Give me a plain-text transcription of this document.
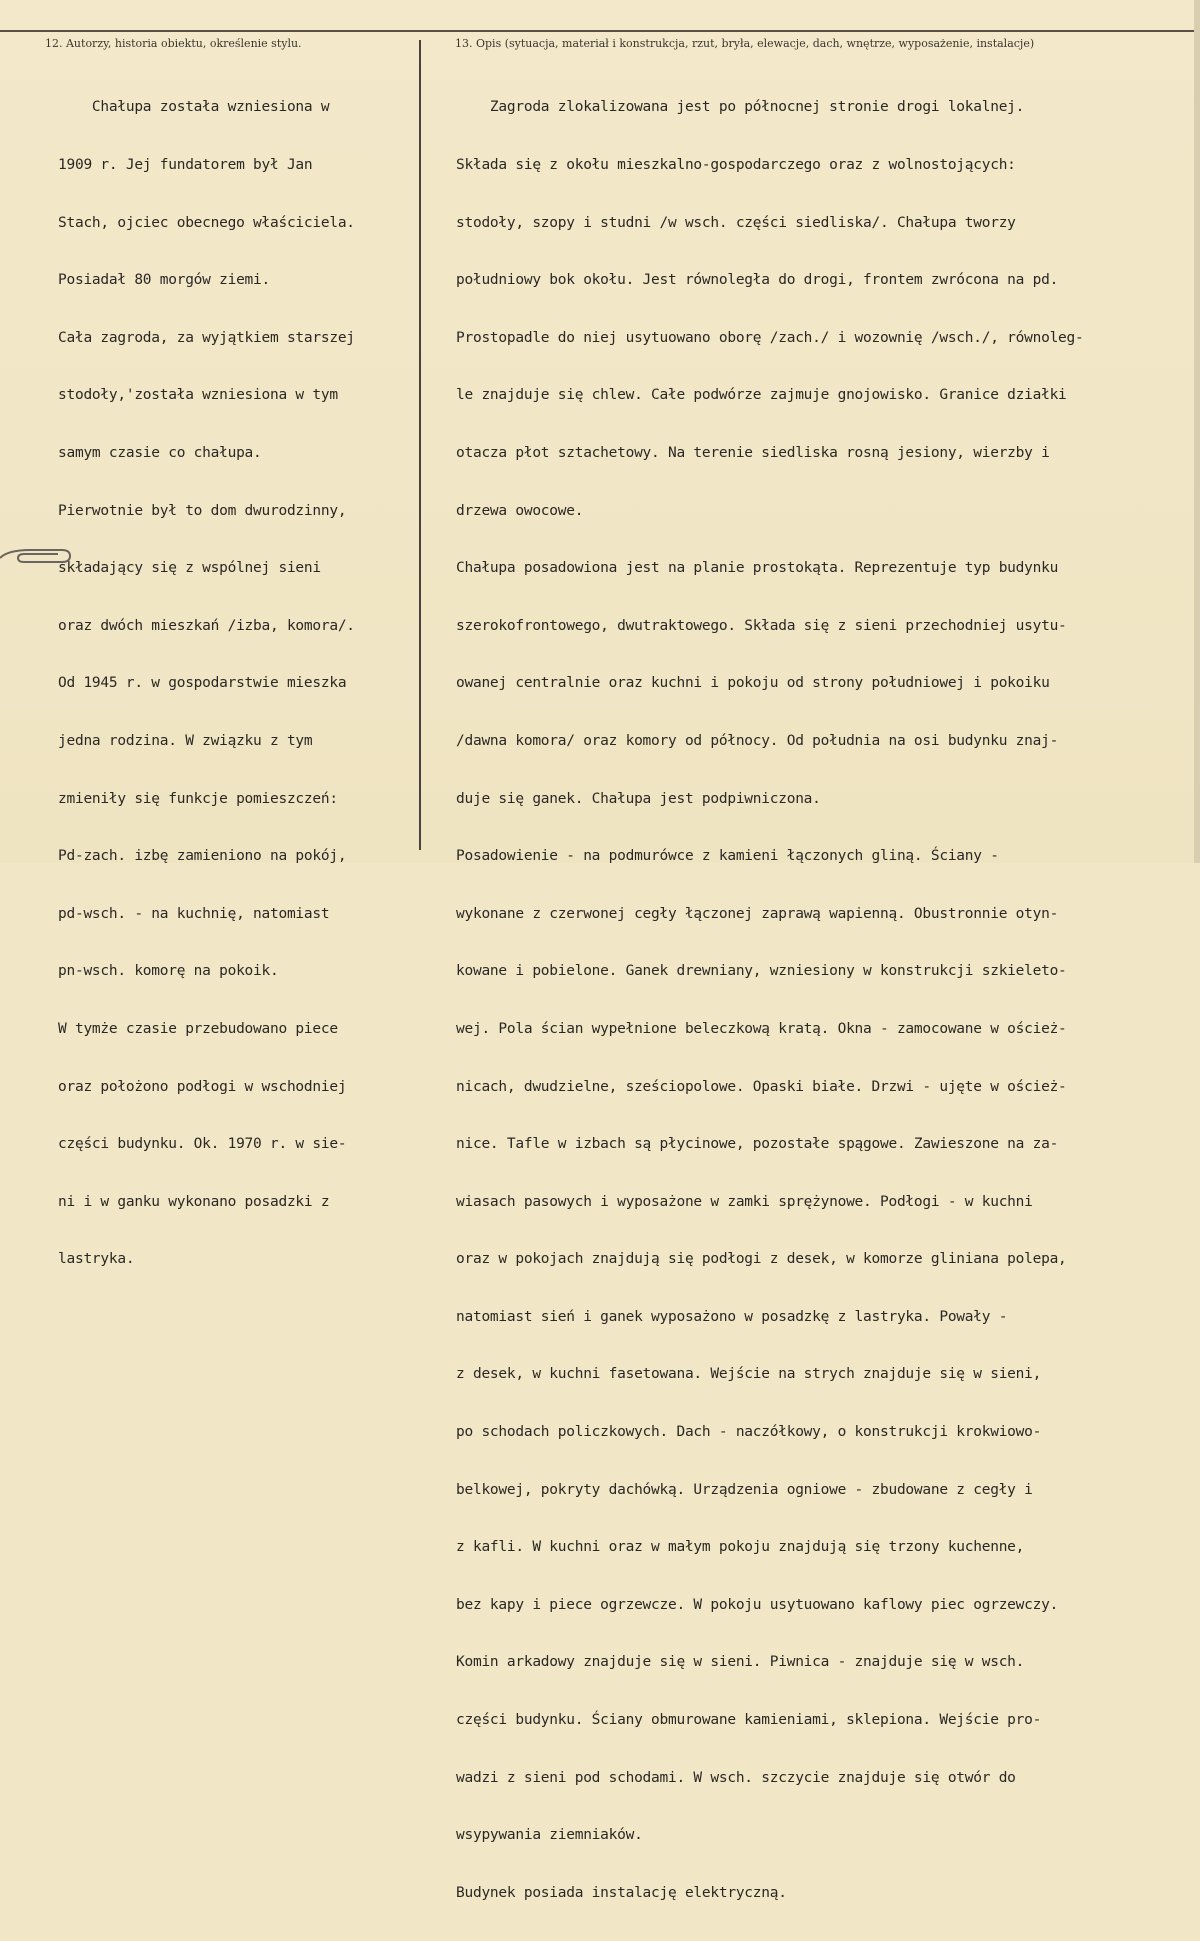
12. Autorzy, historia obiektu, określenie stylu.	13. Opis (sytuacja, materiał i konstrukcja, rzut, bryła, elewacje, dach, wnętrze, wyposażenie, instalacje)

Chałupa została wzniesiona w

1909 r. Jej fundatorem był Jan

Stach, ojciec obecnego właściciela.

Posiadał 80 morgów ziemi.

Cała zagroda, za wyjątkiem starszej

stodoły,'została wzniesiona w tym

samym czasie co chałupa.

Pierwotnie był to dom dwurodzinny,

składający się z wspólnej sieni

oraz dwóch mieszkań /izba, komora/.

Od 1945 r. w gospodarstwie mieszka

jedna rodzina. W związku z tym

zmieniły się funkcje pomieszczeń:

Pd-zach. izbę zamieniono na pokój,

pd-wsch. - na kuchnię, natomiast

pn-wsch. komorę na pokoik.

W tymże czasie przebudowano piece

oraz położono podłogi w wschodniej

części budynku. Ok. 1970 r. w sie-

ni i w ganku wykonano posadzki z

lastryka.

Zagroda zlokalizowana jest po północnej stronie drogi lokalnej.

Składa się z okołu mieszkalno-gospodarczego oraz z wolnostojących:

stodoły, szopy i studni /w wsch. części siedliska/. Chałupa tworzy

południowy bok okołu. Jest równoległa do drogi, frontem zwrócona na pd.

Prostopadle do niej usytuowano oborę /zach./ i wozownię /wsch./, równoleg-

le znajduje się chlew. Całe podwórze zajmuje gnojowisko. Granice działki

otacza płot sztachetowy. Na terenie siedliska rosną jesiony, wierzby i

drzewa owocowe.

Chałupa posadowiona jest na planie prostokąta. Reprezentuje typ budynku

szerokofrontowego, dwutraktowego. Składa się z sieni przechodniej usytu-

owanej centralnie oraz kuchni i pokoju od strony południowej i pokoiku

/dawna komora/ oraz komory od północy. Od południa na osi budynku znaj-

duje się ganek. Chałupa jest podpiwniczona.

Posadowienie - na podmurówce z kamieni łączonych gliną. Ściany -

wykonane z czerwonej cegły łączonej zaprawą wapienną. Obustronnie otyn-

kowane i pobielone. Ganek drewniany, wzniesiony w konstrukcji szkieleto-

wej. Pola ścian wypełnione beleczkową kratą. Okna - zamocowane w oścież-

nicach, dwudzielne, sześciopolowe. Opaski białe. Drzwi - ujęte w oścież-

nice. Tafle w izbach są płycinowe, pozostałe spągowe. Zawieszone na za-

wiasach pasowych i wyposażone w zamki sprężynowe. Podłogi - w kuchni

oraz w pokojach znajdują się podłogi z desek, w komorze gliniana polepa,

natomiast sień i ganek wyposażono w posadzkę z lastryka. Powały -

z desek, w kuchni fasetowana. Wejście na strych znajduje się w sieni,

po schodach policzkowych. Dach - naczółkowy, o konstrukcji krokwiowo-

belkowej, pokryty dachówką. Urządzenia ogniowe - zbudowane z cegły i

z kafli. W kuchni oraz w małym pokoju znajdują się trzony kuchenne,

bez kapy i piece ogrzewcze. W pokoju usytuowano kaflowy piec ogrzewczy.

Komin arkadowy znajduje się w sieni. Piwnica - znajduje się w wsch.

części budynku. Ściany obmurowane kamieniami, sklepiona. Wejście pro-

wadzi z sieni pod schodami. W wsch. szczycie znajduje się otwór do

wsypywania ziemniaków.

Budynek posiada instalację elektryczną.
